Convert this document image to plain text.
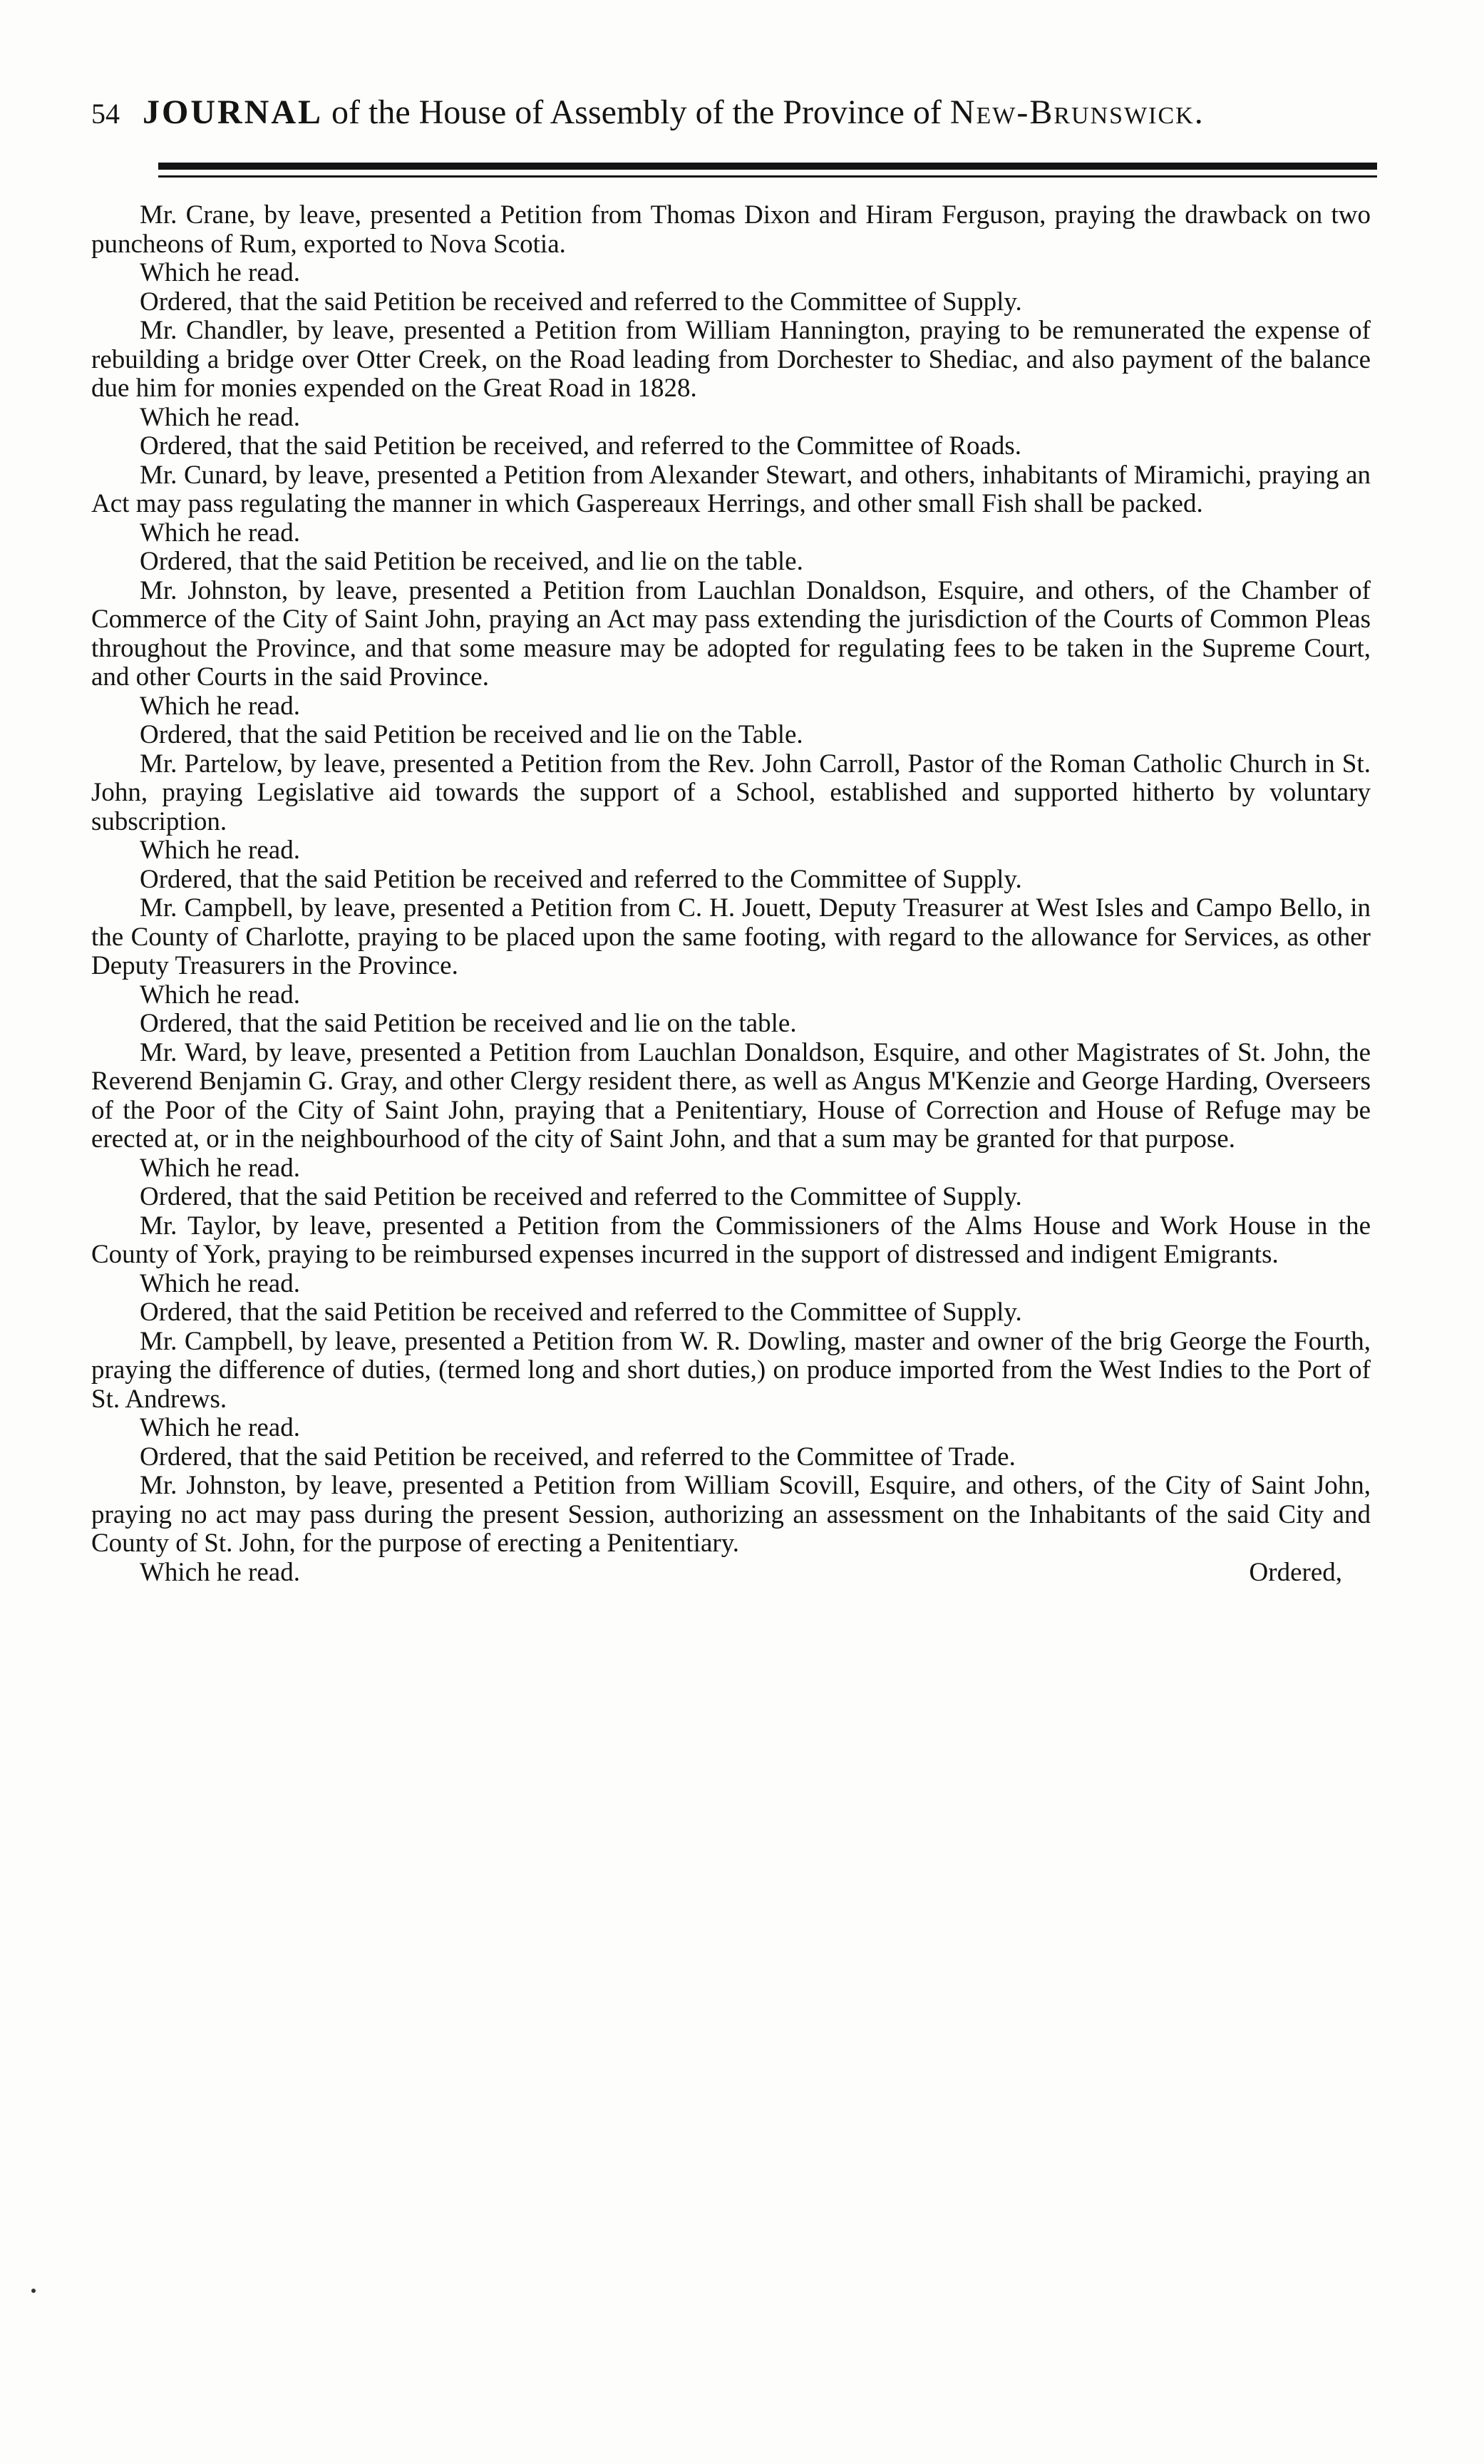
54 JOURNAL of the House of Assembly of the Province of New-Brunswick.

Mr. Crane, by leave, presented a Petition from Thomas Dixon and Hiram Ferguson, praying the drawback on two puncheons of Rum, exported to Nova Scotia.

Which he read.

Ordered, that the said Petition be received and referred to the Committee of Supply.

Mr. Chandler, by leave, presented a Petition from William Hannington, praying to be remunerated the expense of rebuilding a bridge over Otter Creek, on the Road leading from Dorchester to Shediac, and also payment of the balance due him for monies expended on the Great Road in 1828.

Which he read.

Ordered, that the said Petition be received, and referred to the Committee of Roads.

Mr. Cunard, by leave, presented a Petition from Alexander Stewart, and others, inhabitants of Miramichi, praying an Act may pass regulating the manner in which Gaspereaux Herrings, and other small Fish shall be packed.

Which he read.

Ordered, that the said Petition be received, and lie on the table.

Mr. Johnston, by leave, presented a Petition from Lauchlan Donaldson, Esquire, and others, of the Chamber of Commerce of the City of Saint John, praying an Act may pass extending the jurisdiction of the Courts of Common Pleas throughout the Province, and that some measure may be adopted for regulating fees to be taken in the Supreme Court, and other Courts in the said Province.

Which he read.

Ordered, that the said Petition be received and lie on the Table.

Mr. Partelow, by leave, presented a Petition from the Rev. John Carroll, Pastor of the Roman Catholic Church in St. John, praying Legislative aid towards the support of a School, established and supported hitherto by voluntary subscription.

Which he read.

Ordered, that the said Petition be received and referred to the Committee of Supply.

Mr. Campbell, by leave, presented a Petition from C. H. Jouett, Deputy Treasurer at West Isles and Campo Bello, in the County of Charlotte, praying to be placed upon the same footing, with regard to the allowance for Services, as other Deputy Treasurers in the Province.

Which he read.

Ordered, that the said Petition be received and lie on the table.

Mr. Ward, by leave, presented a Petition from Lauchlan Donaldson, Esquire, and other Magistrates of St. John, the Reverend Benjamin G. Gray, and other Clergy resident there, as well as Angus M'Kenzie and George Harding, Overseers of the Poor of the City of Saint John, praying that a Penitentiary, House of Correction and House of Refuge may be erected at, or in the neighbourhood of the city of Saint John, and that a sum may be granted for that purpose.

Which he read.

Ordered, that the said Petition be received and referred to the Committee of Supply.

Mr. Taylor, by leave, presented a Petition from the Commissioners of the Alms House and Work House in the County of York, praying to be reimbursed expenses incurred in the support of distressed and indigent Emigrants.

Which he read.

Ordered, that the said Petition be received and referred to the Committee of Supply.

Mr. Campbell, by leave, presented a Petition from W. R. Dowling, master and owner of the brig George the Fourth, praying the difference of duties, (termed long and short duties,) on produce imported from the West Indies to the Port of St. Andrews.

Which he read.

Ordered, that the said Petition be received, and referred to the Committee of Trade.

Mr. Johnston, by leave, presented a Petition from William Scovill, Esquire, and others, of the City of Saint John, praying no act may pass during the present Session, authorizing an assessment on the Inhabitants of the said City and County of St. John, for the purpose of erecting a Penitentiary.

Which he read.	Ordered,
